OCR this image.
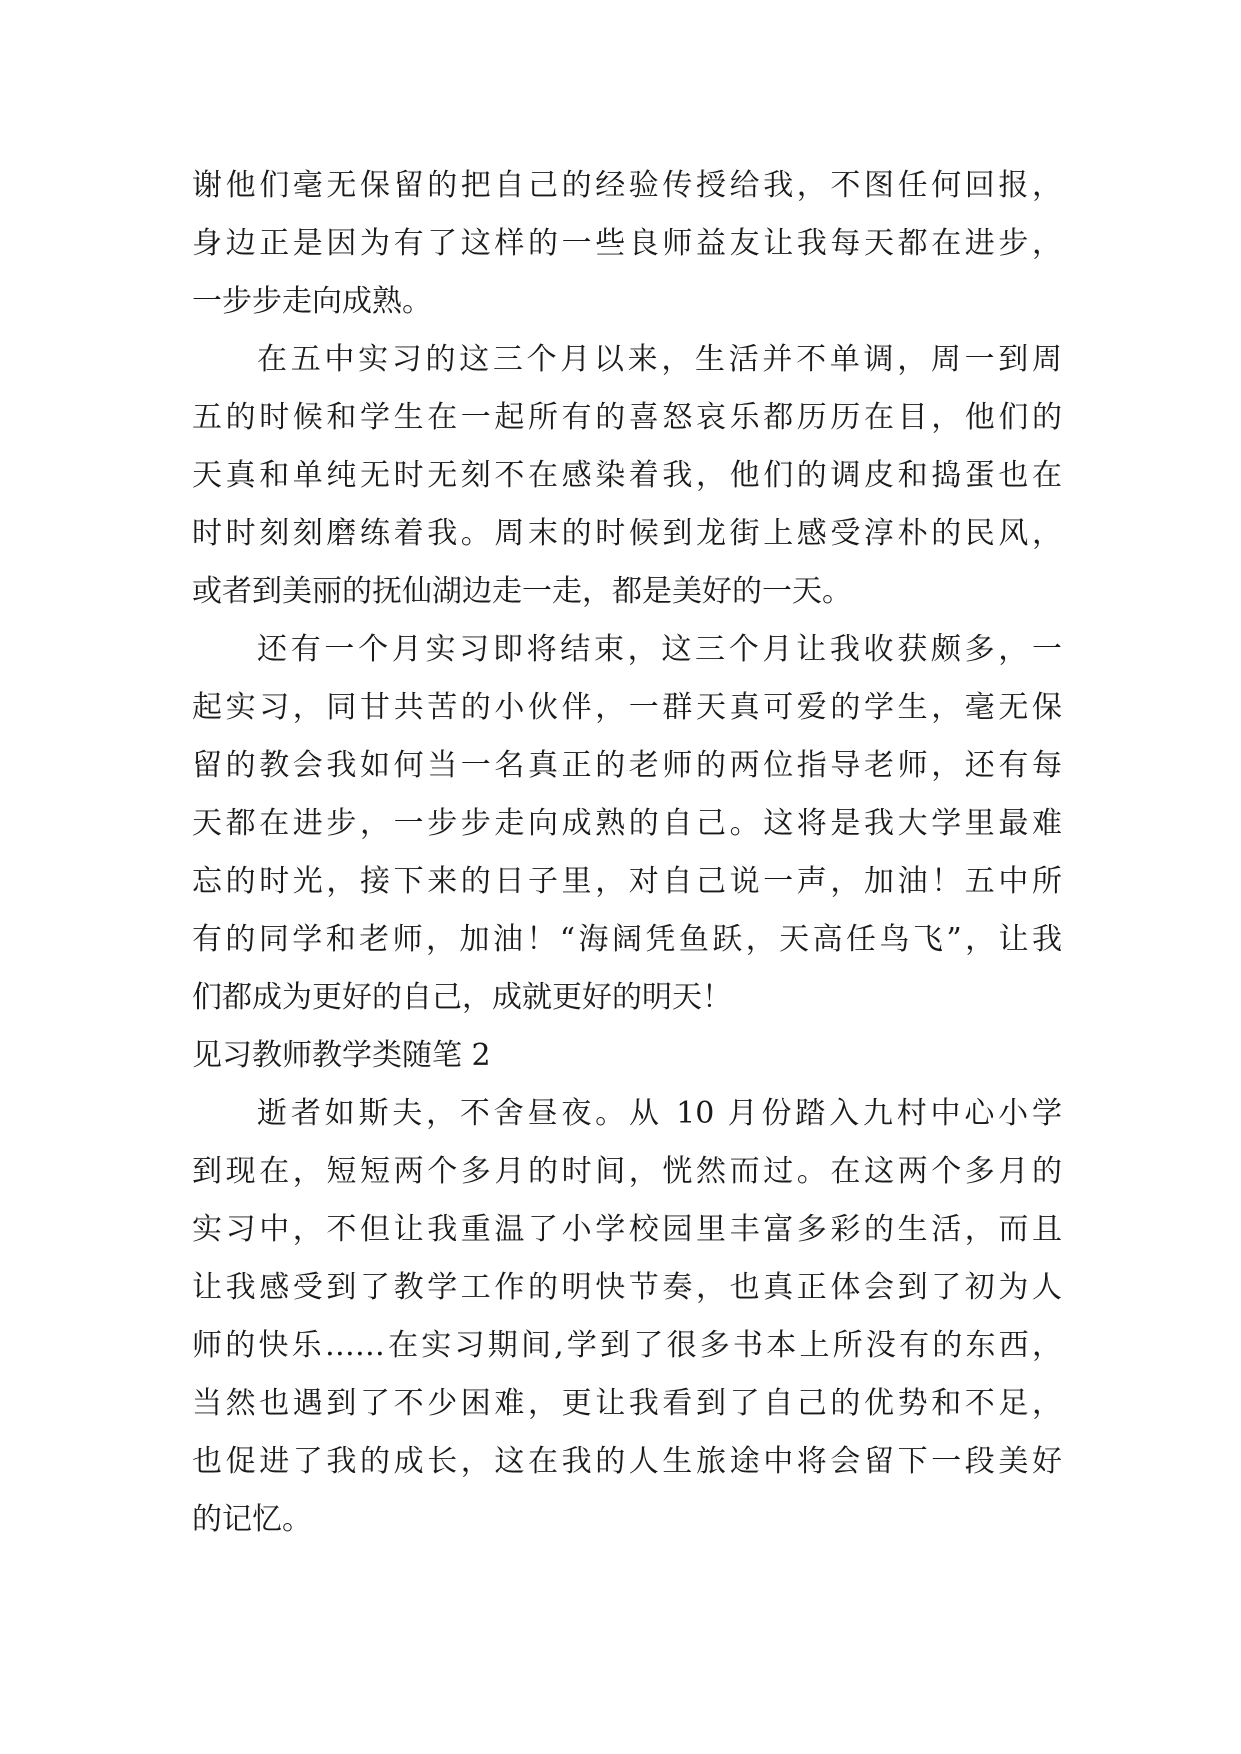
谢他们毫无保留的把自己的经验传授给我，不图任何回报，
身边正是因为有了这样的一些良师益友让我每天都在进步，
一步步走向成熟。
在五中实习的这三个月以来，生活并不单调，周一到周
五的时候和学生在一起所有的喜怒哀乐都历历在目，他们的
天真和单纯无时无刻不在感染着我，他们的调皮和捣蛋也在
时时刻刻磨练着我。周末的时候到龙街上感受淳朴的民风，
或者到美丽的抚仙湖边走一走，都是美好的一天。
还有一个月实习即将结束，这三个月让我收获颇多，一
起实习，同甘共苦的小伙伴，一群天真可爱的学生，毫无保
留的教会我如何当一名真正的老师的两位指导老师，还有每
天都在进步，一步步走向成熟的自己。这将是我大学里最难
忘的时光，接下来的日子里，对自己说一声，加油！五中所
有的同学和老师，加油！“海阔凭鱼跃，天高任鸟飞”，让我
们都成为更好的自己，成就更好的明天！
见习教师教学类随笔 2
逝者如斯夫，不舍昼夜。从 10 月份踏入九村中心小学
到现在，短短两个多月的时间，恍然而过。在这两个多月的
实习中，不但让我重温了小学校园里丰富多彩的生活，而且
让我感受到了教学工作的明快节奏，也真正体会到了初为人
师的快乐……在实习期间,学到了很多书本上所没有的东西，
当然也遇到了不少困难，更让我看到了自己的优势和不足，
也促进了我的成长，这在我的人生旅途中将会留下一段美好
的记忆。
